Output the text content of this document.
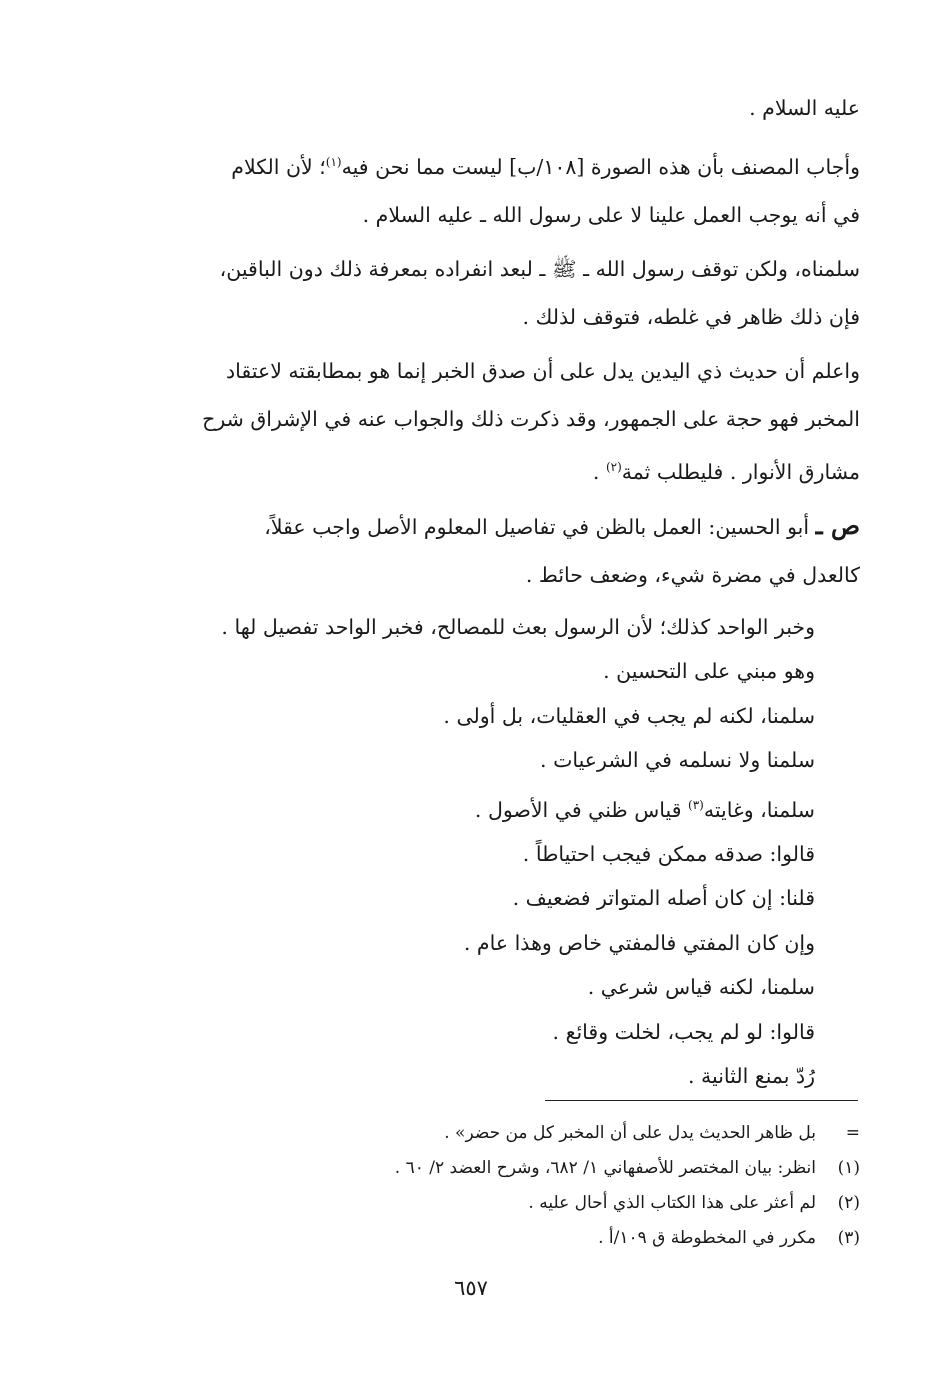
عليه السلام .
وأجاب المصنف بأن هذه الصورة [١٠٨/ب] ليست مما نحن فيه$^{(١)}$؛ لأن الكلام
في أنه يوجب العمل علينا لا على رسول الله ـ عليه السلام .
سلمناه، ولكن توقف رسول الله ـ ﷺ ـ لبعد انفراده بمعرفة ذلك دون الباقين،
فإن ذلك ظاهر في غلطه، فتوقف لذلك .
واعلم أن حديث ذي اليدين يدل على أن صدق الخبر إنما هو بمطابقته لاعتقاد
المخبر فهو حجة على الجمهور، وقد ذكرت ذلك والجواب عنه في الإشراق شرح
مشارق الأنوار . فليطلب ثمة$^{(٢)}$ .
ص ـ أبو الحسين: العمل بالظن في تفاصيل المعلوم الأصل واجب عقلاً،
كالعدل في مضرة شيء، وضعف حائط .
وخبر الواحد كذلك؛ لأن الرسول بعث للمصالح، فخبر الواحد تفصيل لها .
وهو مبني على التحسين .
سلمنا، لكنه لم يجب في العقليات، بل أولى .
سلمنا ولا نسلمه في الشرعيات .
سلمنا، وغايته$^{(٣)}$ قياس ظني في الأصول .
قالوا: صدقه ممكن فيجب احتياطاً .
قلنا: إن كان أصله المتواتر فضعيف .
وإن كان المفتي فالمفتي خاص وهذا عام .
سلمنا، لكنه قياس شرعي .
قالوا: لو لم يجب، لخلت وقائع .
رُدّ بمنع الثانية .
=
بل ظاهر الحديث يدل على أن المخبر كل من حضر» .
(١)
انظر: بيان المختصر للأصفهاني ١/ ٦٨٢، وشرح العضد ٢/ ٦٠ .
(٢)
لم أعثر على هذا الكتاب الذي أحال عليه .
(٣)
مكرر في المخطوطة ق ١٠٩/أ .
٦٥٧
